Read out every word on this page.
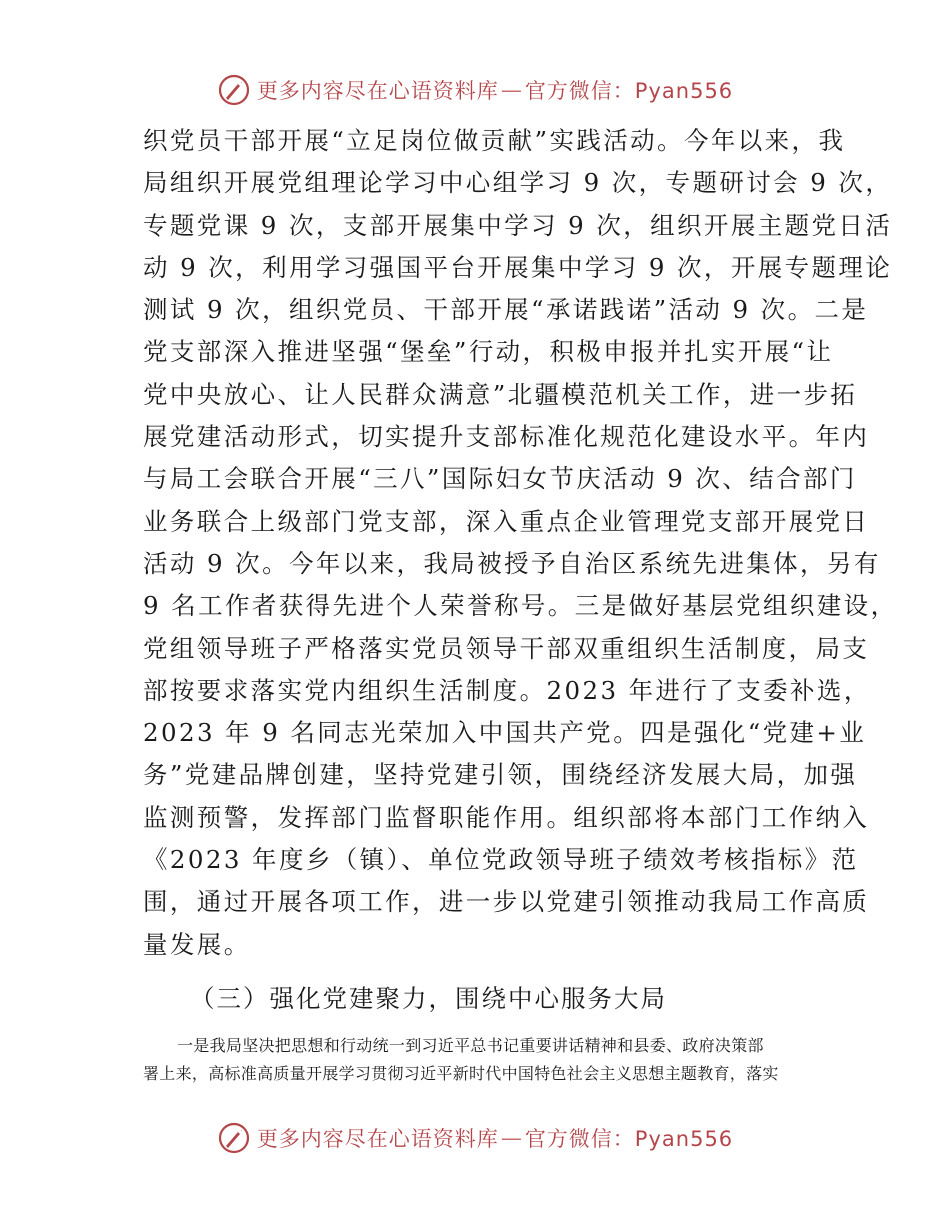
更多内容尽在心语资料库 — 官方微信：Pyan556
织党员干部开展“立足岗位做贡献”实践活动。今年以来，我
局组织开展党组理论学习中心组学习 9 次，专题研讨会 9 次，
专题党课 9 次，支部开展集中学习 9 次，组织开展主题党日活
动 9 次，利用学习强国平台开展集中学习 9 次，开展专题理论
测试 9 次，组织党员、干部开展“承诺践诺”活动 9 次。二是
党支部深入推进坚强“堡垒”行动，积极申报并扎实开展“让
党中央放心、让人民群众满意”北疆模范机关工作，进一步拓
展党建活动形式，切实提升支部标准化规范化建设水平。年内
与局工会联合开展“三八”国际妇女节庆活动 9 次、结合部门
业务联合上级部门党支部，深入重点企业管理党支部开展党日
活动 9 次。今年以来，我局被授予自治区系统先进集体，另有
9 名工作者获得先进个人荣誉称号。三是做好基层党组织建设，
党组领导班子严格落实党员领导干部双重组织生活制度，局支
部按要求落实党内组织生活制度。2023 年进行了支委补选，
2023 年 9 名同志光荣加入中国共产党。四是强化“党建+业
务”党建品牌创建，坚持党建引领，围绕经济发展大局，加强
监测预警，发挥部门监督职能作用。组织部将本部门工作纳入
《2023 年度乡（镇）、单位党政领导班子绩效考核指标》范
围，通过开展各项工作，进一步以党建引领推动我局工作高质
量发展。
（三）强化党建聚力，围绕中心服务大局
一是我局坚决把思想和行动统一到习近平总书记重要讲话精神和县委、政府决策部
署上来，高标准高质量开展学习贯彻习近平新时代中国特色社会主义思想主题教育，落实
更多内容尽在心语资料库 — 官方微信：Pyan556
